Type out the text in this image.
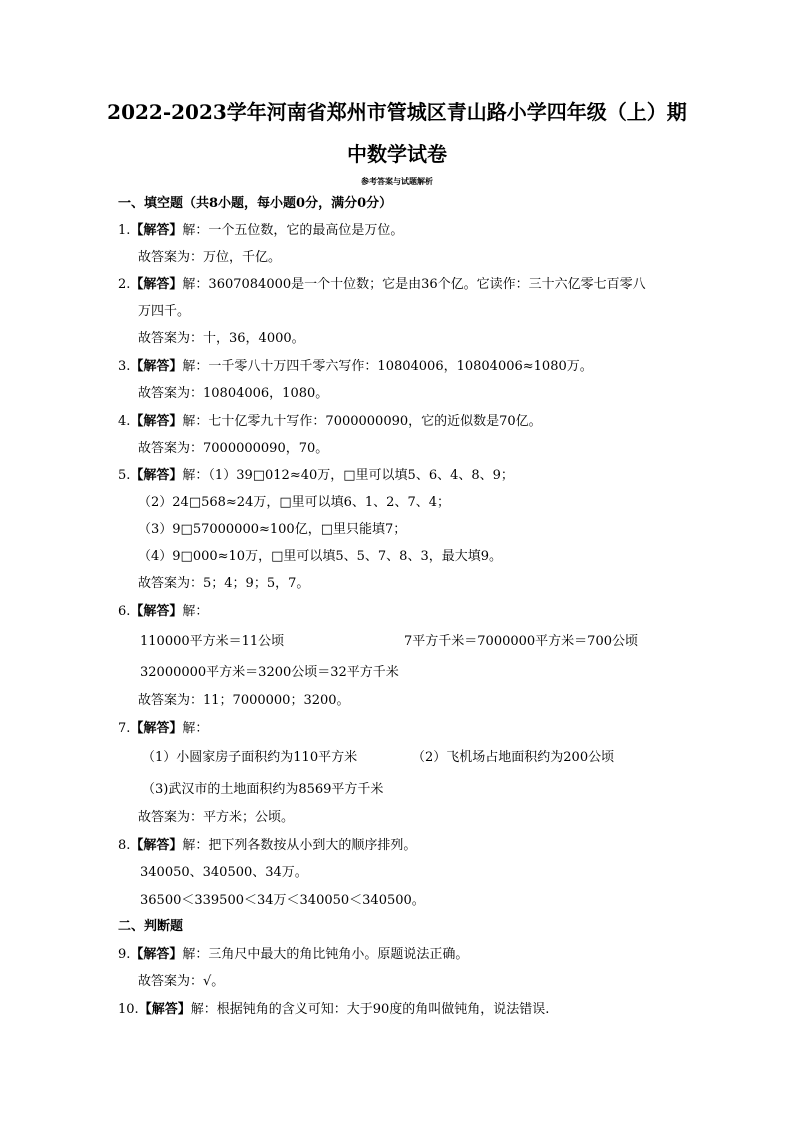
2022-2023学年河南省郑州市管城区青山路小学四年级（上）期
中数学试卷
参考答案与试题解析
一、填空题（共8小题，每小题0分，满分0分）
1.【解答】解：一个五位数，它的最高位是万位。
故答案为：万位，千亿。
2.【解答】解：3607084000是一个十位数；它是由36个亿。它读作：三十六亿零七百零八
万四千。
故答案为：十，36，4000。
3.【解答】解：一千零八十万四千零六写作：10804006，10804006≈1080万。
故答案为：10804006，1080。
4.【解答】解：七十亿零九十写作：7000000090，它的近似数是70亿。
故答案为：7000000090，70。
5.【解答】解：（1）39□012≈40万，□里可以填5、6、4、8、9；
（2）24□568≈24万，□里可以填6、1、2、7、4；
（3）9□57000000≈100亿，□里只能填7；
（4）9□000≈10万，□里可以填5、5、7、8、3，最大填9。
故答案为：5；4；9；5，7。
6.【解答】解：
110000平方米＝11公顷	7平方千米＝7000000平方米＝700公顷
32000000平方米＝3200公顷＝32平方千米
故答案为：11；7000000；3200。
7.【解答】解：
（1）小圆家房子面积约为110平方米	（2）飞机场占地面积约为200公顷
（3)武汉市的土地面积约为8569平方千米
故答案为：平方米；公顷。
8.【解答】解：把下列各数按从小到大的顺序排列。
340050、340500、34万。
36500＜339500＜34万＜340050＜340500。
二、判断题
9.【解答】解：三角尺中最大的角比钝角小。原题说法正确。
故答案为：√。
10.【解答】解：根据钝角的含义可知：大于90度的角叫做钝角，说法错误.
